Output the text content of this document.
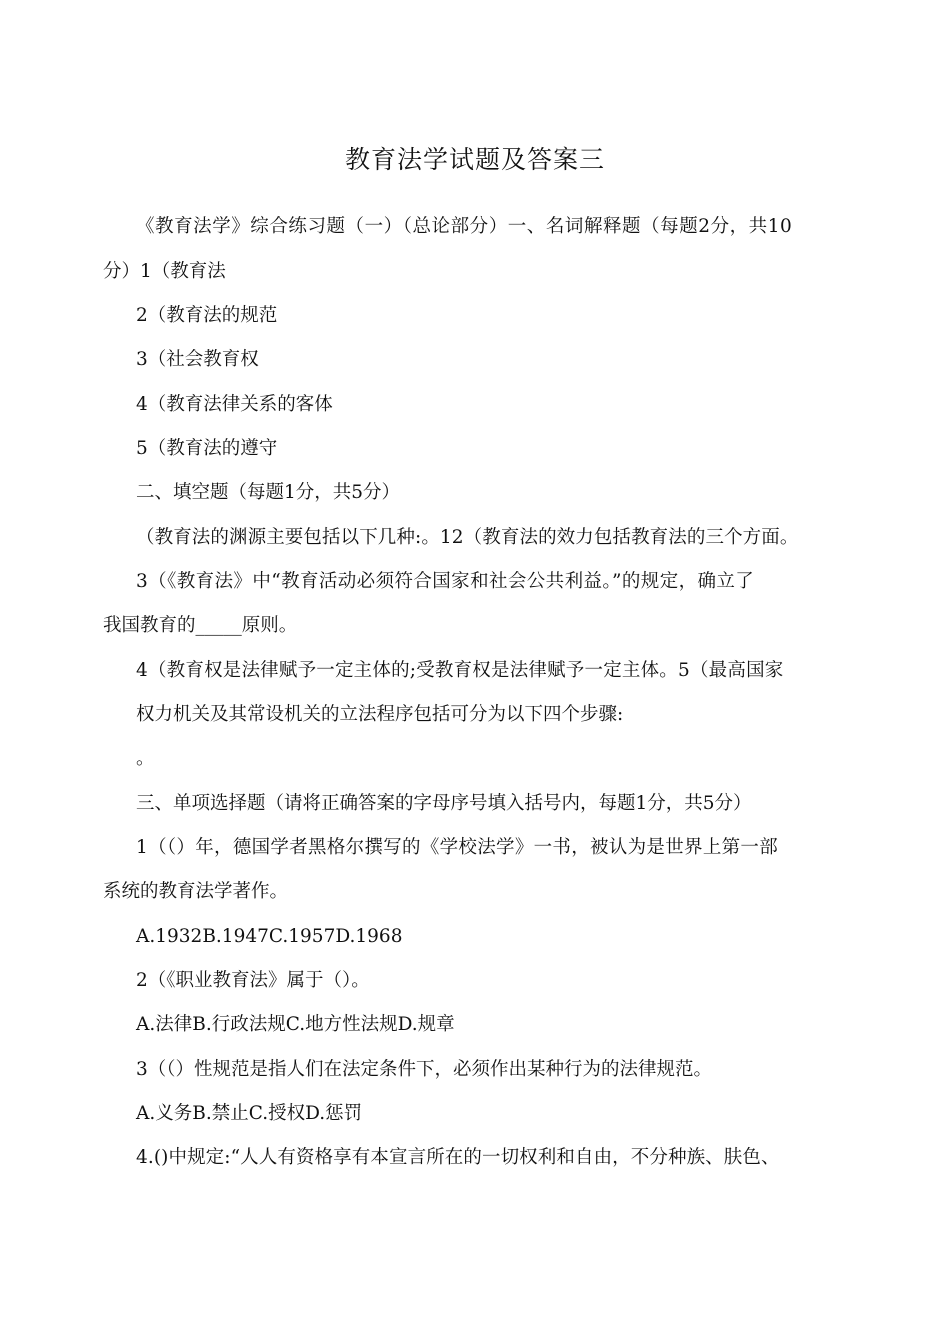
教育法学试题及答案三
《教育法学》综合练习题（一）（总论部分）一、名词解释题（每题2分，共10
分）1（教育法
2（教育法的规范
3（社会教育权
4（教育法律关系的客体
5（教育法的遵守
二、填空题（每题1分，共5分）
（教育法的渊源主要包括以下几种:。12（教育法的效力包括教育法的三个方面。
3（《教育法》中“教育活动必须符合国家和社会公共利益。”的规定，确立了
我国教育的_____原则。
4（教育权是法律赋予一定主体的;受教育权是法律赋予一定主体。5（最高国家
权力机关及其常设机关的立法程序包括可分为以下四个步骤:
。
三、单项选择题（请将正确答案的字母序号填入括号内，每题1分，共5分）
1（（）年，德国学者黑格尔撰写的《学校法学》一书，被认为是世界上第一部
系统的教育法学著作。
A.1932B.1947C.1957D.1968
2（《职业教育法》属于（）。
A.法律B.行政法规C.地方性法规D.规章
3（（）性规范是指人们在法定条件下，必须作出某种行为的法律规范。
A.义务B.禁止C.授权D.惩罚
4.()中规定:“人人有资格享有本宣言所在的一切权利和自由，不分种族、肤色、
